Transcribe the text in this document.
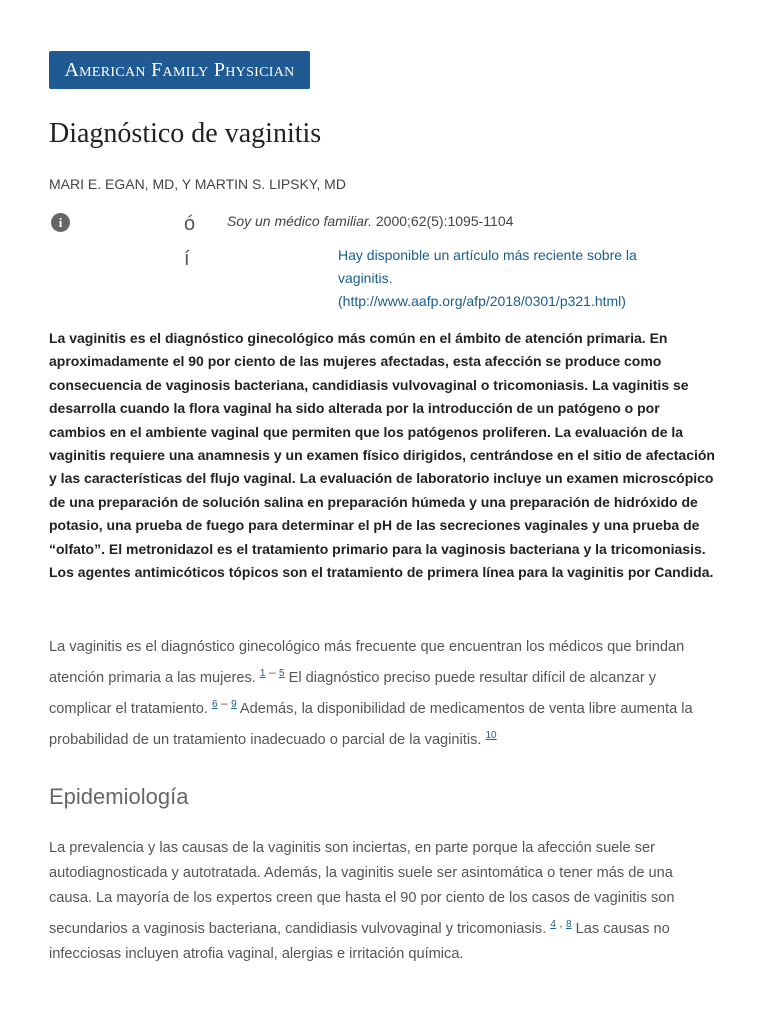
American Family Physician
Diagnóstico de vaginitis
MARI E. EGAN, MD, Y MARTIN S. LIPSKY, MD
i	ó
í
Soy un médico familiar. 2000;62(5):1095-1104
Hay disponible un artículo más reciente sobre la
vaginitis.
(http://www.aafp.org/afp/2018/0301/p321.html)

La vaginitis es el diagnóstico ginecológico más común en el ámbito de atención primaria. En aproximadamente el 90 por ciento de las mujeres afectadas, esta afección se produce como consecuencia de vaginosis bacteriana, candidiasis vulvovaginal o tricomoniasis. La vaginitis se desarrolla cuando la flora vaginal ha sido alterada por la introducción de un patógeno o por cambios en el ambiente vaginal que permiten que los patógenos proliferen. La evaluación de la vaginitis requiere una anamnesis y un examen físico dirigidos, centrándose en el sitio de afectación y las características del flujo vaginal. La evaluación de laboratorio incluye un examen microscópico de una preparación de solución salina en preparación húmeda y una preparación de hidróxido de potasio, una prueba de fuego para determinar el pH de las secreciones vaginales y una prueba de “olfato”. El metronidazol es el tratamiento primario para la vaginosis bacteriana y la tricomoniasis. Los agentes antimicóticos tópicos son el tratamiento de primera línea para la vaginitis por Candida.

La vaginitis es el diagnóstico ginecológico más frecuente que encuentran los médicos que brindan atención primaria a las mujeres. $^{1 - 5}$ El diagnóstico preciso puede resultar difícil de alcanzar y complicar el tratamiento. $^{6 - 9}$ Además, la disponibilidad de medicamentos de venta libre aumenta la probabilidad de un tratamiento inadecuado o parcial de la vaginitis. $^{10}$

Epidemiología

La prevalencia y las causas de la vaginitis son inciertas, en parte porque la afección suele ser autodiagnosticada y autotratada. Además, la vaginitis suele ser asintomática o tener más de una causa. La mayoría de los expertos creen que hasta el 90 por ciento de los casos de vaginitis son secundarios a vaginosis bacteriana, candidiasis vulvovaginal y tricomoniasis. $^{4 , 8}$ Las causas no infecciosas incluyen atrofia vaginal, alergias e irritación química.
